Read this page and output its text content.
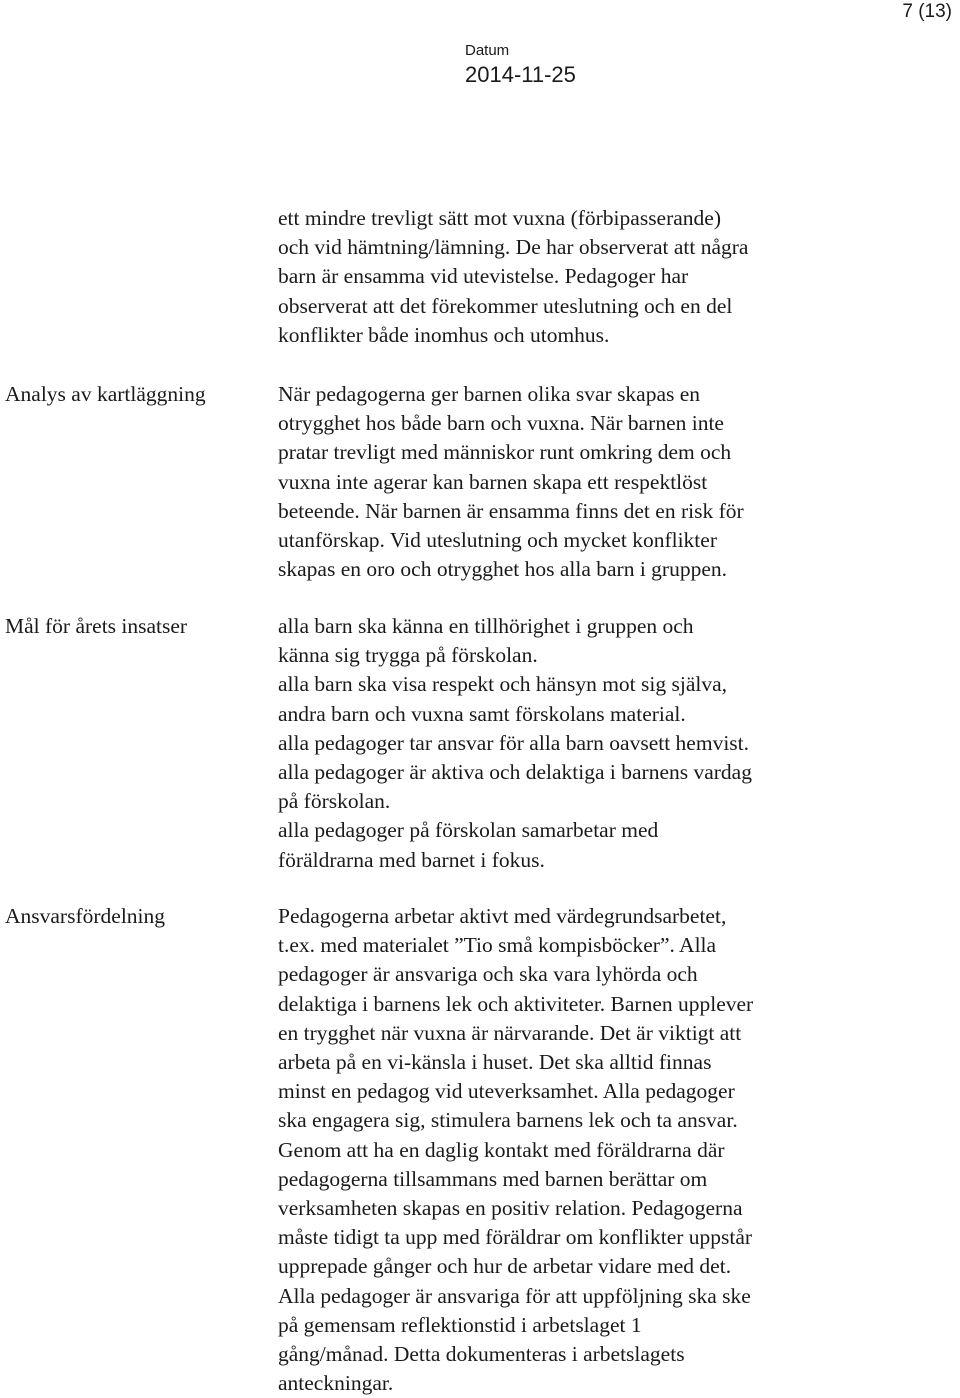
7 (13)
Datum
2014-11-25

ett mindre trevligt sätt mot vuxna (förbipasserande)

och vid hämtning/lämning. De har observerat att några

barn är ensamma vid utevistelse. Pedagoger har

observerat att det förekommer uteslutning och en del

konflikter både inomhus och utomhus.

Analys av kartläggning	När pedagogerna ger barnen olika svar skapas en

otrygghet hos både barn och vuxna. När barnen inte

pratar trevligt med människor runt omkring dem och

vuxna inte agerar kan barnen skapa ett respektlöst

beteende. När barnen är ensamma finns det en risk för

utanförskap. Vid uteslutning och mycket konflikter

skapas en oro och otrygghet hos alla barn i gruppen.

Mål för årets insatser	alla barn ska känna en tillhörighet i gruppen och

känna sig trygga på förskolan.

alla barn ska visa respekt och hänsyn mot sig själva,

andra barn och vuxna samt förskolans material.

alla pedagoger tar ansvar för alla barn oavsett hemvist.

alla pedagoger är aktiva och delaktiga i barnens vardag

på förskolan.

alla pedagoger på förskolan samarbetar med

föräldrarna med barnet i fokus.

Ansvarsfördelning	Pedagogerna arbetar aktivt med värdegrundsarbetet,

t.ex. med materialet ”Tio små kompisböcker”. Alla

pedagoger är ansvariga och ska vara lyhörda och

delaktiga i barnens lek och aktiviteter. Barnen upplever

en trygghet när vuxna är närvarande. Det är viktigt att

arbeta på en vi-känsla i huset. Det ska alltid finnas

minst en pedagog vid uteverksamhet. Alla pedagoger

ska engagera sig, stimulera barnens lek och ta ansvar.

Genom att ha en daglig kontakt med föräldrarna där

pedagogerna tillsammans med barnen berättar om

verksamheten skapas en positiv relation. Pedagogerna

måste tidigt ta upp med föräldrar om konflikter uppstår

upprepade gånger och hur de arbetar vidare med det.

Alla pedagoger är ansvariga för att uppföljning ska ske

på gemensam reflektionstid i arbetslaget 1

gång/månad. Detta dokumenteras i arbetslagets

anteckningar.
